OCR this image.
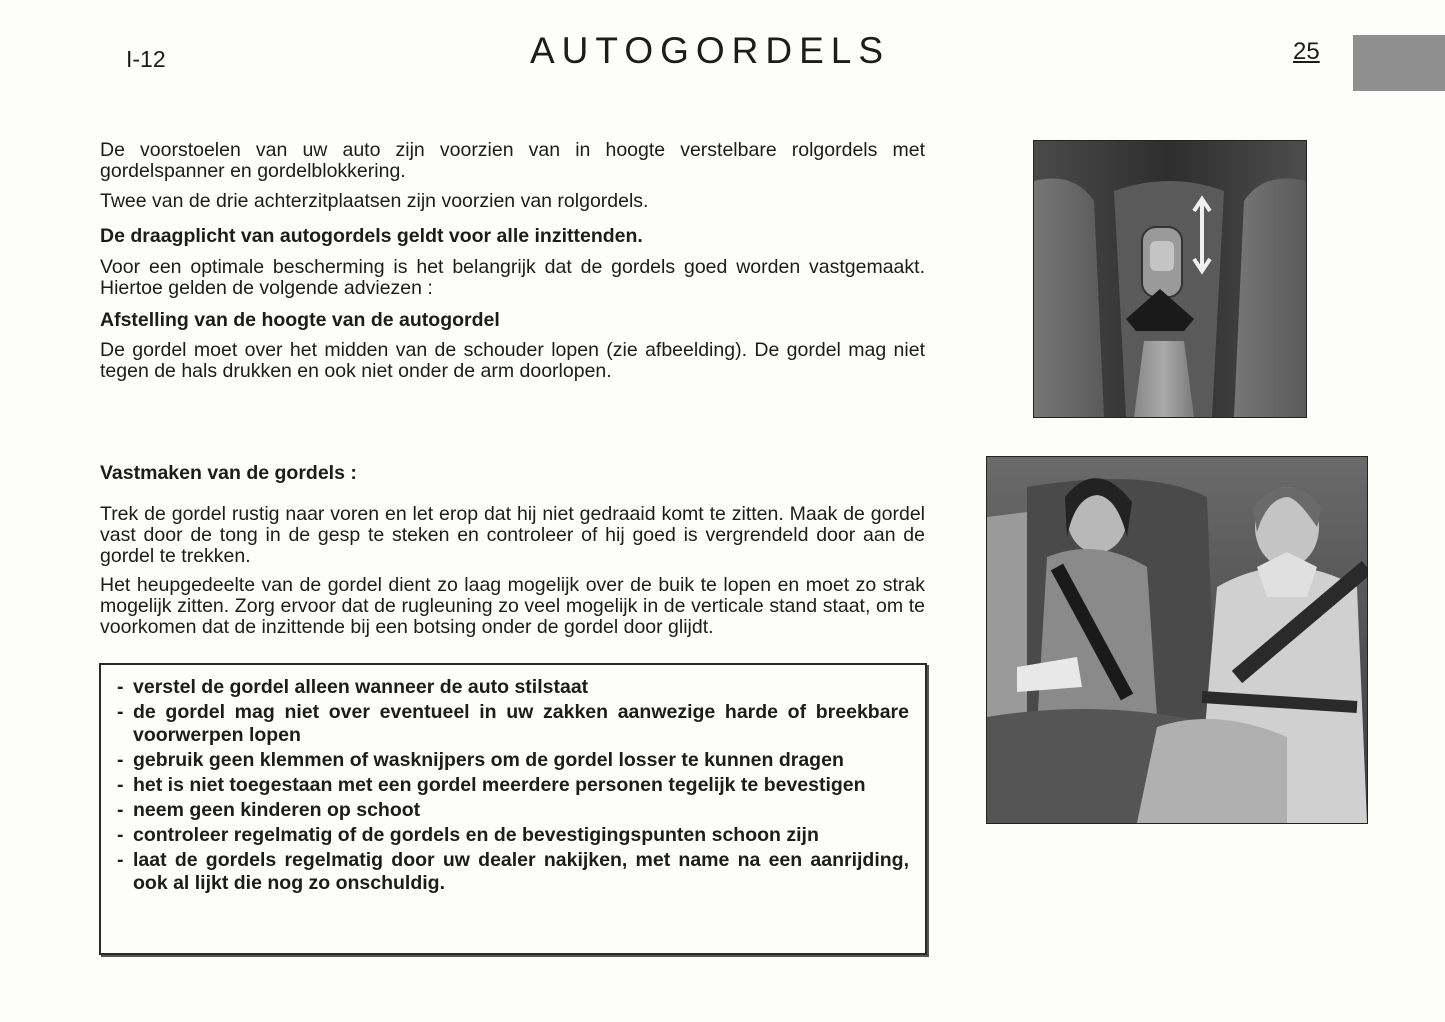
I-12	AUTOGORDELS	25

De voorstoelen van uw auto zijn voorzien van in hoogte verstelbare rolgordels met gordelspanner en gordelblokkering.

Twee van de drie achterzitplaatsen zijn voorzien van rolgordels.

De draagplicht van autogordels geldt voor alle inzittenden.

Voor een optimale bescherming is het belangrijk dat de gordels goed worden vastgemaakt. Hiertoe gelden de volgende adviezen :

Afstelling van de hoogte van de autogordel

De gordel moet over het midden van de schouder lopen (zie afbeelding). De gordel mag niet tegen de hals drukken en ook niet onder de arm doorlopen.

Vastmaken van de gordels :

Trek de gordel rustig naar voren en let erop dat hij niet gedraaid komt te zitten. Maak de gordel vast door de tong in de gesp te steken en controleer of hij goed is vergrendeld door aan de gordel te trekken.

Het heupgedeelte van de gordel dient zo laag mogelijk over de buik te lopen en moet zo strak mogelijk zitten. Zorg ervoor dat de rugleuning zo veel mogelijk in de verticale stand staat, om te voorkomen dat de inzittende bij een botsing onder de gordel door glijdt.

- verstel de gordel alleen wanneer de auto stilstaat
- de gordel mag niet over eventueel in uw zakken aanwezige harde of breekbare voorwerpen lopen
- gebruik geen klemmen of wasknijpers om de gordel losser te kunnen dragen
- het is niet toegestaan met een gordel meerdere personen tegelijk te bevestigen
- neem geen kinderen op schoot
- controleer regelmatig of de gordels en de bevestigingspunten schoon zijn
- laat de gordels regelmatig door uw dealer nakijken, met name na een aanrijding, ook al lijkt die nog zo onschuldig.
